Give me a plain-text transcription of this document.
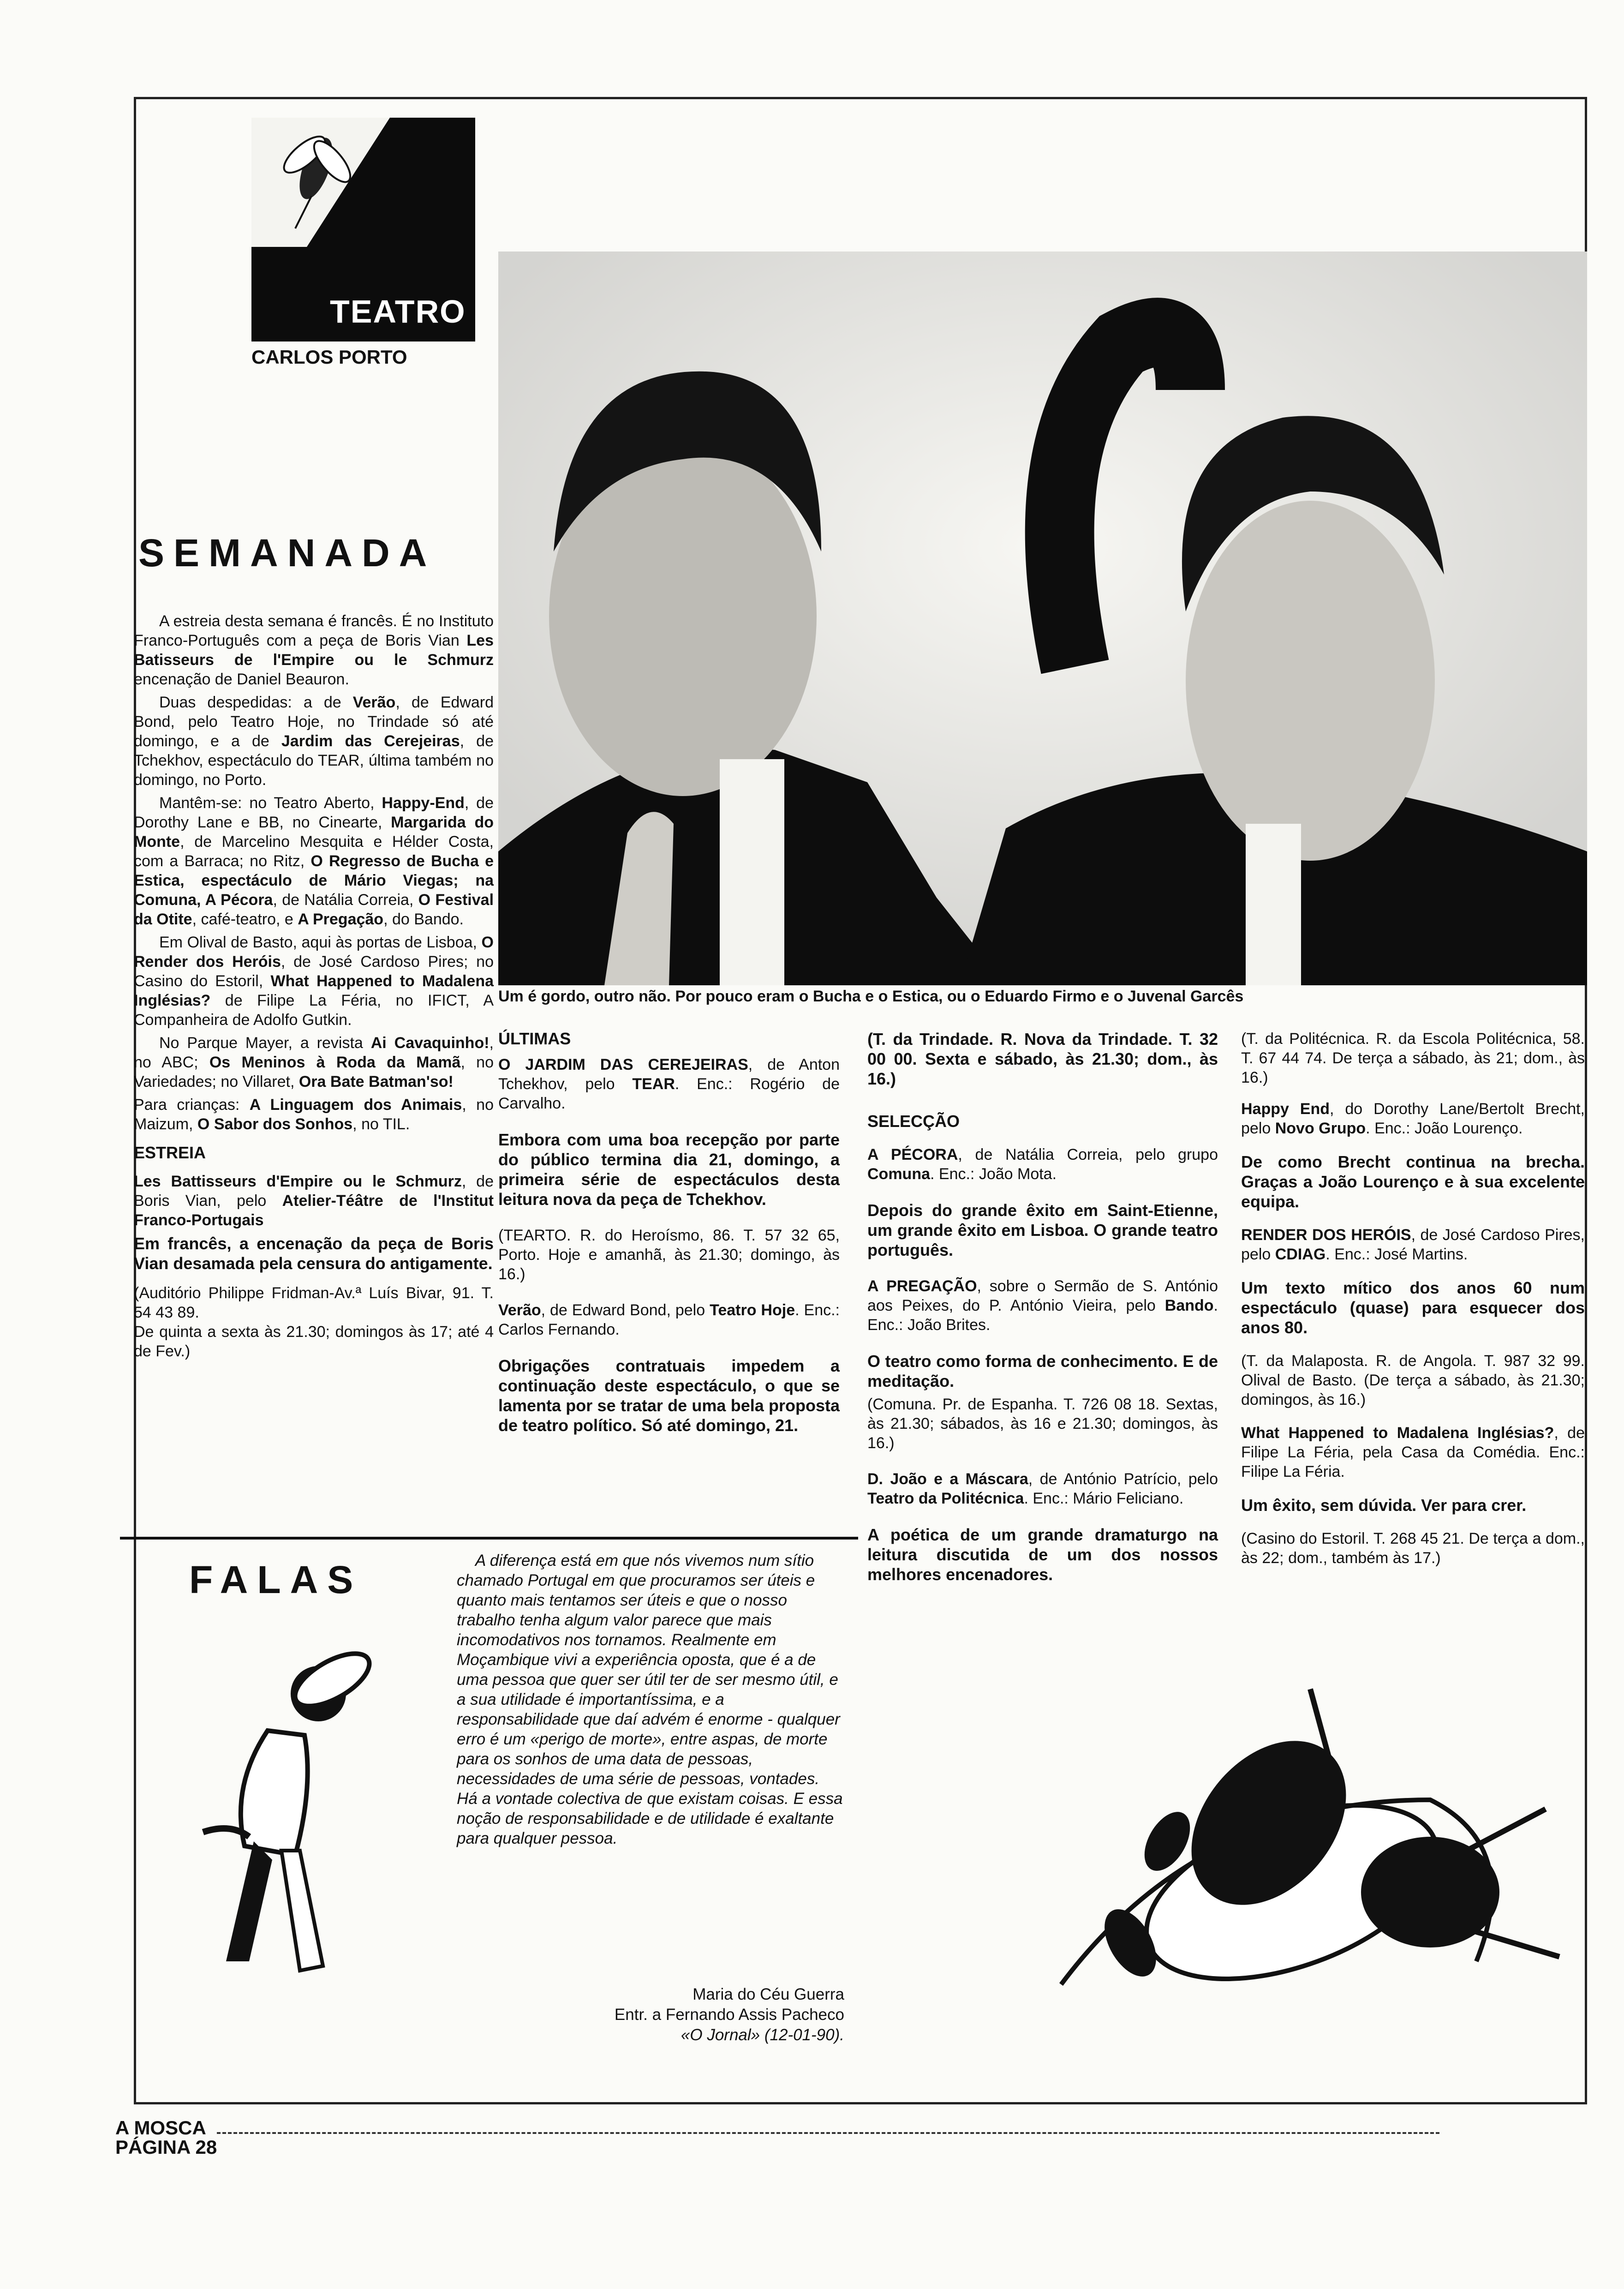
TEATRO
CARLOS PORTO
SEMANADA

A estreia desta semana é francês. É no Instituto Franco-Português com a peça de Boris Vian Les Batisseurs de l'Empire ou le Schmurz encenação de Daniel Beauron.

Duas despedidas: a de Verão, de Edward Bond, pelo Teatro Hoje, no Trindade só até domingo, e a de Jardim das Cerejeiras, de Tchekhov, espectáculo do TEAR, última também no domingo, no Porto.

Mantêm-se: no Teatro Aberto, Happy-End, de Dorothy Lane e BB, no Cinearte, Margarida do Monte, de Marcelino Mesquita e Hélder Costa, com a Barraca; no Ritz, O Regresso de Bucha e Estica, espectáculo de Mário Viegas; na Comuna, A Pécora, de Natália Correia, O Festival da Otite, café-teatro, e A Pregação, do Bando.

Em Olival de Basto, aqui às portas de Lisboa, O Render dos Heróis, de José Cardoso Pires; no Casino do Estoril, What Happened to Madalena Inglésias? de Filipe La Féria, no IFICT, A Companheira de Adolfo Gutkin.

No Parque Mayer, a revista Ai Cavaquinho!, no ABC; Os Meninos à Roda da Mamã, no Variedades; no Villaret, Ora Bate Batman'so!

Para crianças: A Linguagem dos Animais, no Maizum, O Sabor dos Sonhos, no TIL.

ESTREIA

Les Battisseurs d'Empire ou le Schmurz, de Boris Vian, pelo Atelier-Téâtre de l'Institut Franco-Portugais

Em francês, a encenação da peça de Boris Vian desamada pela censura do antigamente.

(Auditório Philippe Fridman-Av.ª Luís Bivar, 91. T. 54 43 89.

De quinta a sexta às 21.30; domingos às 17; até 4 de Fev.)

Um é gordo, outro não. Por pouco eram o Bucha e o Estica, ou o Eduardo Firmo e o Juvenal Garcês
ÚLTIMAS

O JARDIM DAS CEREJEIRAS, de Anton Tchekhov, pelo TEAR. Enc.: Rogério de Carvalho.

Embora com uma boa recepção por parte do público termina dia 21, domingo, a primeira série de espectáculos desta leitura nova da peça de Tchekhov.

(TEARTO. R. do Heroísmo, 86. T. 57 32 65, Porto. Hoje e amanhã, às 21.30; domingo, às 16.)

Verão, de Edward Bond, pelo Teatro Hoje. Enc.: Carlos Fernando.

Obrigações contratuais impedem a continuação deste espectáculo, o que se lamenta por se tratar de uma bela proposta de teatro político. Só até domingo, 21.

(T. da Trindade. R. Nova da Trindade. T. 32 00 00. Sexta e sábado, às 21.30; dom., às 16.)

SELECÇÃO

A PÉCORA, de Natália Correia, pelo grupo Comuna. Enc.: João Mota.

Depois do grande êxito em Saint-Etienne, um grande êxito em Lisboa. O grande teatro português.

A PREGAÇÃO, sobre o Sermão de S. António aos Peixes, do P. António Vieira, pelo Bando. Enc.: João Brites.

O teatro como forma de conhecimento. E de meditação.

(Comuna. Pr. de Espanha. T. 726 08 18. Sextas, às 21.30; sábados, às 16 e 21.30; domingos, às 16.)

D. João e a Máscara, de António Patrício, pelo Teatro da Politécnica. Enc.: Mário Feliciano.

A poética de um grande dramaturgo na leitura discutida de um dos nossos melhores encenadores.

(T. da Politécnica. R. da Escola Politécnica, 58. T. 67 44 74. De terça a sábado, às 21; dom., às 16.)

Happy End, do Dorothy Lane/Bertolt Brecht, pelo Novo Grupo. Enc.: João Lourenço.

De como Brecht continua na brecha. Graças a João Lourenço e à sua excelente equipa.

RENDER DOS HERÓIS, de José Cardoso Pires, pelo CDIAG. Enc.: José Martins.

Um texto mítico dos anos 60 num espectáculo (quase) para esquecer dos anos 80.

(T. da Malaposta. R. de Angola. T. 987 32 99. Olival de Basto. (De terça a sábado, às 21.30; domingos, às 16.)

What Happened to Madalena Inglésias?, de Filipe La Féria, pela Casa da Comédia. Enc.: Filipe La Féria.

Um êxito, sem dúvida. Ver para crer.

(Casino do Estoril. T. 268 45 21. De terça a dom., às 22; dom., também às 17.)

FALAS	A diferença está em que nós vivemos num sítio chamado Portugal em que procuramos ser úteis e quanto mais tentamos ser úteis e que o nosso trabalho tenha algum valor parece que mais incomodativos nos tornamos. Realmente em Moçambique vivi a experiência oposta, que é a de uma pessoa que quer ser útil ter de ser mesmo útil, e a sua utilidade é importantíssima, e a responsabilidade que daí advém é enorme - qualquer erro é um «perigo de morte», entre aspas, de morte para os sonhos de uma data de pessoas, necessidades de uma série de pessoas, vontades. Há a vontade colectiva de que existam coisas. E essa noção de responsabilidade e de utilidade é exaltante para qualquer pessoa.
Maria do Céu Guerra
Entr. a Fernando Assis Pacheco
«O Jornal» (12-01-90).
A MOSCA
PÁGINA 28
